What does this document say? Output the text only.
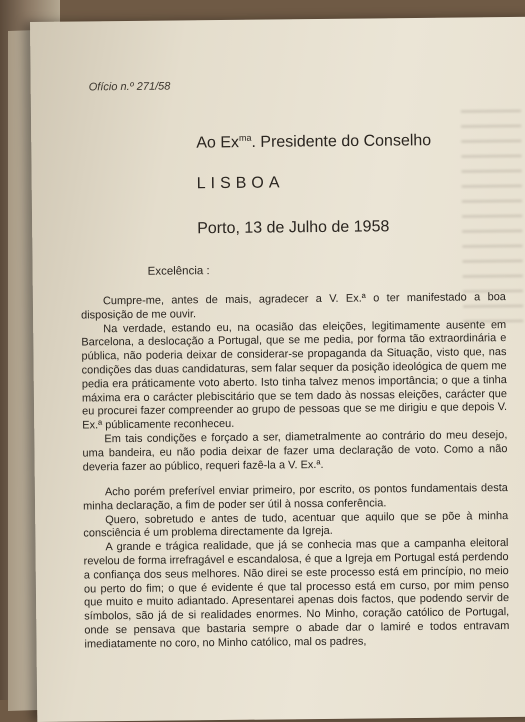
Ofício n.º 271/58
Ao $Ex^{ma}$. Presidente do Conselho
LISBOA
Porto, 13 de Julho de 1958
Excelência :

Cumpre-me, antes de mais, agradecer a V. Ex.ª o ter manifestado a boa disposição de me ouvir.

Na verdade, estando eu, na ocasião das eleições, legitimamente ausente em Barcelona, a deslocação a Portugal, que se me pedia, por forma tão extraordinária e pública, não poderia deixar de considerar-se propaganda da Situação, visto que, nas condições das duas candidaturas, sem falar sequer da posição ideológica de quem me pedia era práticamente voto aberto. Isto tinha talvez menos importância; o que a tinha máxima era o carácter plebiscitário que se tem dado às nossas eleições, carácter que eu procurei fazer compreender ao grupo de pessoas que se me dirigiu e que depois V. Ex.ª públicamente reconheceu.

Em tais condições e forçado a ser, diametralmente ao contrário do meu desejo, uma bandeira, eu não podia deixar de fazer uma declaração de voto. Como a não deveria fazer ao público, requeri fazê-la a V. Ex.ª.

Acho porém preferível enviar primeiro, por escrito, os pontos fundamentais desta minha declaração, a fim de poder ser útil à nossa conferência.

Quero, sobretudo e antes de tudo, acentuar que aquilo que se põe à minha consciência é um problema directamente da Igreja.

A grande e trágica realidade, que já se conhecia mas que a campanha eleitoral revelou de forma irrefragável e escandalosa, é que a Igreja em Portugal está perdendo a confiança dos seus melhores. Não direi se este processo está em princípio, no meio ou perto do fim; o que é evidente é que tal processo está em curso, por mim penso que muito e muito adiantado. Apresentarei apenas dois factos, que podendo servir de símbolos, são já de si realidades enormes. No Minho, coração católico de Portugal, onde se pensava que bastaria sempre o abade dar o lamiré e todos entravam imediatamente no coro, no Minho católico, mal os padres,
